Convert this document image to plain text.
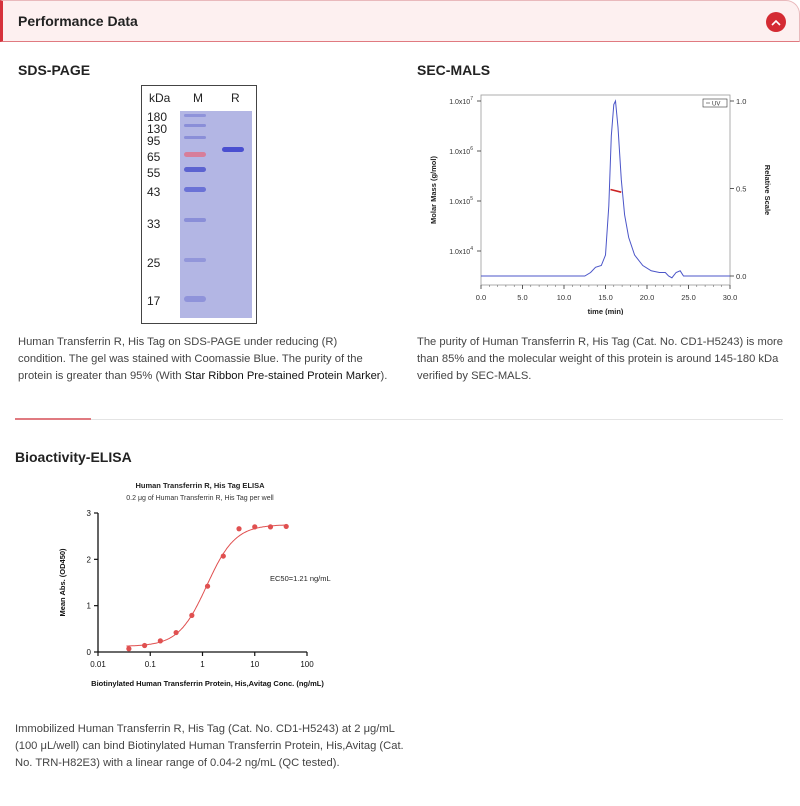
Performance Data
SDS-PAGE
kDa M R
180
130
95
65
55
43
33
25
17
Human Transferrin R, His Tag on SDS-PAGE under reducing (R) condition. The gel was stained with Coomassie Blue. The purity of the protein is greater than 95% (With Star Ribbon Pre-stained Protein Marker).
SEC-MALS
0.0	5.0	10.0	15.0	20.0	25.0	30.0
time (min)
$1.0x10^4$
$1.0x10^5$
$1.0x10^6$
$1.0x10^7$
Molar Mass (g/mol)
0.0
0.5
1.0
Relative Scale
UV
The purity of Human Transferrin R, His Tag (Cat. No. CD1-H5243) is more than 85% and the molecular weight of this protein is around 145-180 kDa verified by SEC-MALS.
Bioactivity-ELISA
Human Transferrin R, His Tag ELISA
0.2 μg of Human Transferrin R, His Tag per well
0
1
2
3
0.01	0.1	1	10	100
Biotinylated Human Transferrin Protein, His,Avitag Conc. (ng/mL)
Mean Abs. (OD450)	EC50=1.21 ng/mL
Immobilized Human Transferrin R, His Tag (Cat. No. CD1-H5243) at 2 μg/mL (100 μL/well) can bind Biotinylated Human Transferrin Protein, His,Avitag (Cat. No. TRN-H82E3) with a linear range of 0.04-2 ng/mL (QC tested).
